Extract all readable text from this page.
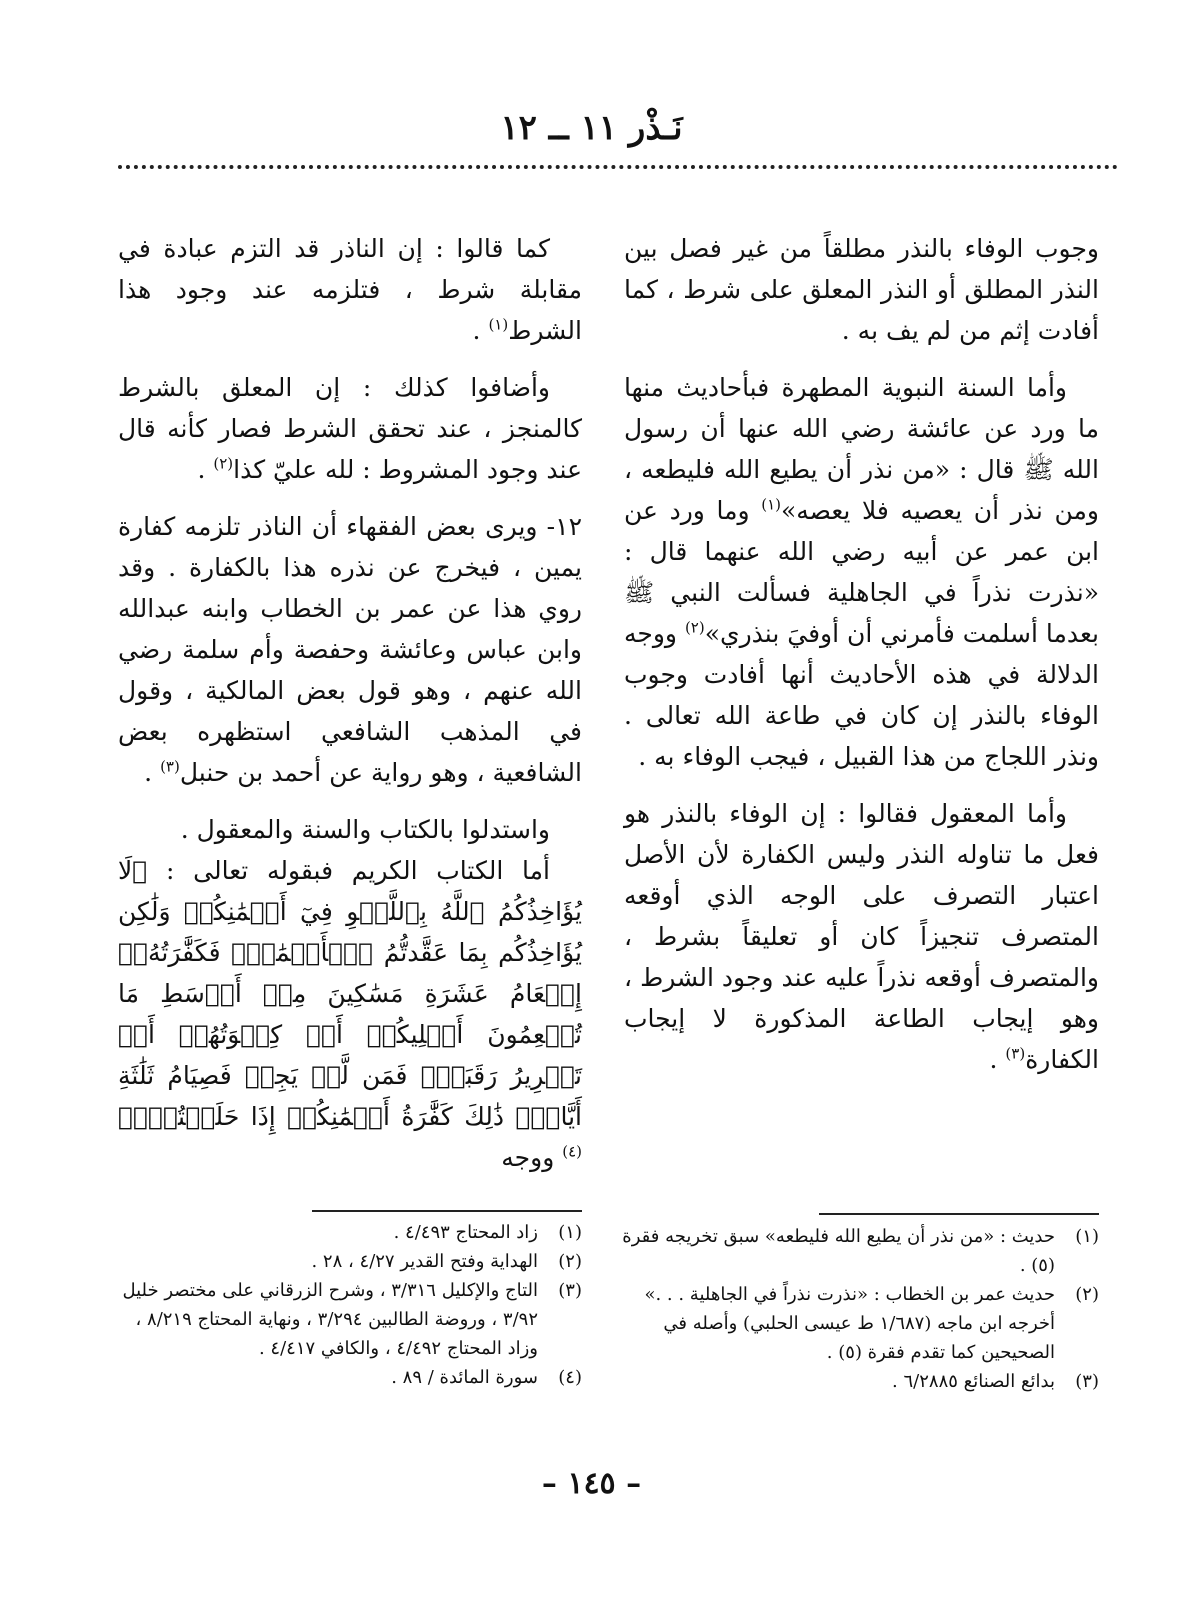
نَـذْر ١١ ــ ١٢

وجوب الوفاء بالنذر مطلقاً من غير فصل بين النذر المطلق أو النذر المعلق على شرط ، كما أفادت إثم من لم يف به .

وأما السنة النبوية المطهرة فبأحاديث منها ما ورد عن عائشة رضي الله عنها أن رسول الله ﷺ قال : «من نذر أن يطيع الله فليطعه ، ومن نذر أن يعصيه فلا يعصه»$^{(١)}$ وما ورد عن ابن عمر عن أبيه رضي الله عنهما قال : «نذرت نذراً في الجاهلية فسألت النبي ﷺ بعدما أسلمت فأمرني أن أوفيَ بنذري»$^{(٢)}$ ووجه الدلالة في هذه الأحاديث أنها أفادت وجوب الوفاء بالنذر إن كان في طاعة الله تعالى . ونذر اللجاج من هذا القبيل ، فيجب الوفاء به .

وأما المعقول فقالوا : إن الوفاء بالنذر هو فعل ما تناوله النذر وليس الكفارة لأن الأصل اعتبار التصرف على الوجه الذي أوقعه المتصرف تنجيزاً كان أو تعليقاً بشرط ، والمتصرف أوقعه نذراً عليه عند وجود الشرط ، وهو إيجاب الطاعة المذكورة لا إيجاب الكفارة$^{(٣)}$ .

كما قالوا : إن الناذر قد التزم عبادة في مقابلة شرط ، فتلزمه عند وجود هذا الشرط$^{(١)}$ .

وأضافوا كذلك : إن المعلق بالشرط كالمنجز ، عند تحقق الشرط فصار كأنه قال عند وجود المشروط : لله عليّ كذا$^{(٢)}$ .

١٢- ويرى بعض الفقهاء أن الناذر تلزمه كفارة يمين ، فيخرج عن نذره هذا بالكفارة . وقد روي هذا عن عمر بن الخطاب وابنه عبدالله وابن عباس وعائشة وحفصة وأم سلمة رضي الله عنهم ، وهو قول بعض المالكية ، وقول في المذهب الشافعي استظهره بعض الشافعية ، وهو رواية عن أحمد بن حنبل$^{(٣)}$ .

واستدلوا بالكتاب والسنة والمعقول .

أما الكتاب الكريم فبقوله تعالى : ﴿لَا يُؤَاخِذُكُمُ ٱللَّهُ بِٱللَّغۡوِ فِيٓ أَيۡمَٰنِكُمۡ وَلَٰكِن يُؤَاخِذُكُم بِمَا عَقَّدتُّمُ ٱلۡأَيۡمَٰنَۖ فَكَفَّٰرَتُهُۥٓ إِطۡعَامُ عَشَرَةِ مَسَٰكِينَ مِنۡ أَوۡسَطِ مَا تُطۡعِمُونَ أَهۡلِيكُمۡ أَوۡ كِسۡوَتُهُمۡ أَوۡ تَحۡرِيرُ رَقَبَةٖۖ فَمَن لَّمۡ يَجِدۡ فَصِيَامُ ثَلَٰثَةِ أَيَّامٖۚ ذَٰلِكَ كَفَّٰرَةُ أَيۡمَٰنِكُمۡ إِذَا حَلَفۡتُمۡۚ﴾$^{(٤)}$ ووجه

(١)
زاد المحتاج ٤/٤٩٣ .
(٢)
الهداية وفتح القدير ٤/٢٧ ، ٢٨ .
(٣)
التاج والإكليل ٣/٣١٦ ، وشرح الزرقاني على مختصر خليل ٣/٩٢ ، وروضة الطالبين ٣/٢٩٤ ، ونهاية المحتاج ٨/٢١٩ ، وزاد المحتاج ٤/٤٩٢ ، والكافي ٤/٤١٧ .
(٤)
سورة المائدة / ٨٩ .
(١)
حديث : «من نذر أن يطيع الله فليطعه» سبق تخريجه فقرة (٥) .
(٢)
حديث عمر بن الخطاب : «نذرت نذراً في الجاهلية . . .» أخرجه ابن ماجه (١/٦٨٧ ط عيسى الحلبي) وأصله في الصحيحين كما تقدم فقرة (٥) .
(٣)
بدائع الصنائع ٦/٢٨٨٥ .
– ١٤٥ –
